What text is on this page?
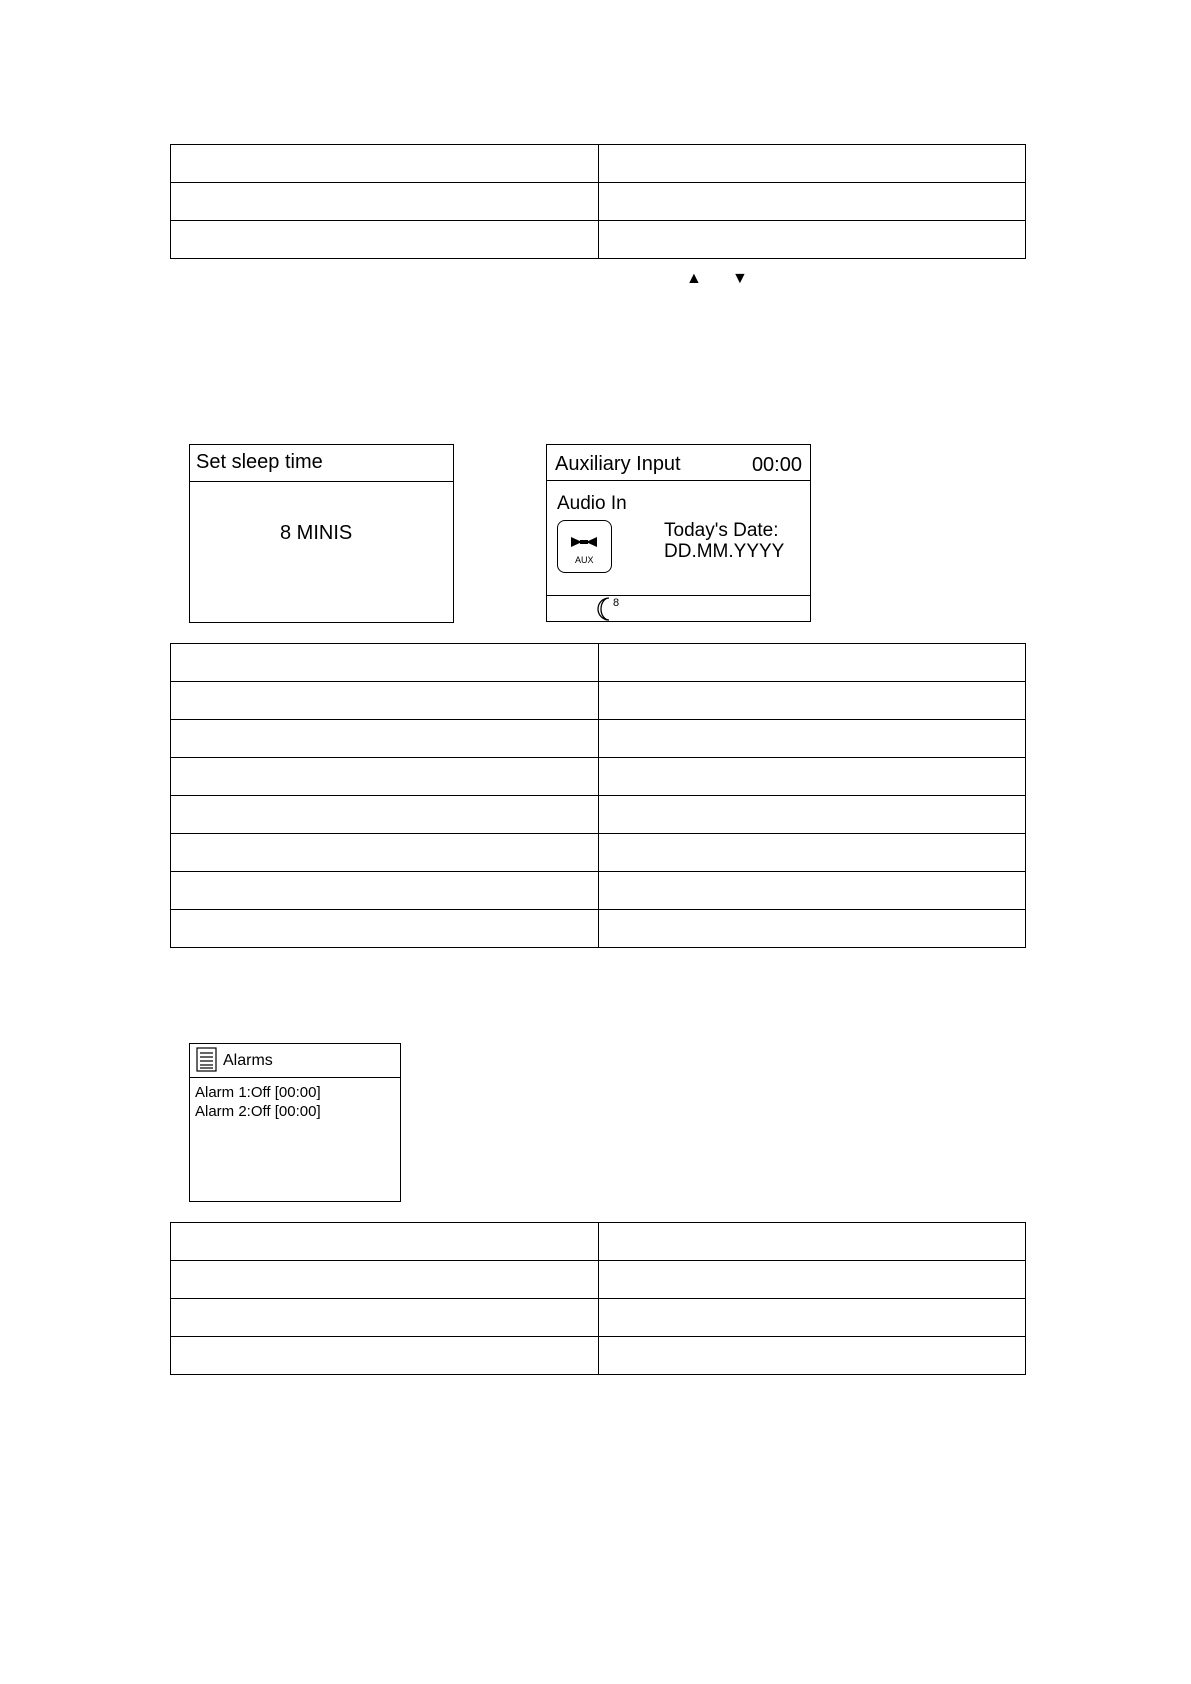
▲ ▼
Set sleep time
8 MINIS
Auxiliary Input	00:00
Audio In
AUX
Today's Date:
DD.MM.YYYY
8

Alarms
Alarm 1:Off [00:00]
Alarm 2:Off [00:00]
